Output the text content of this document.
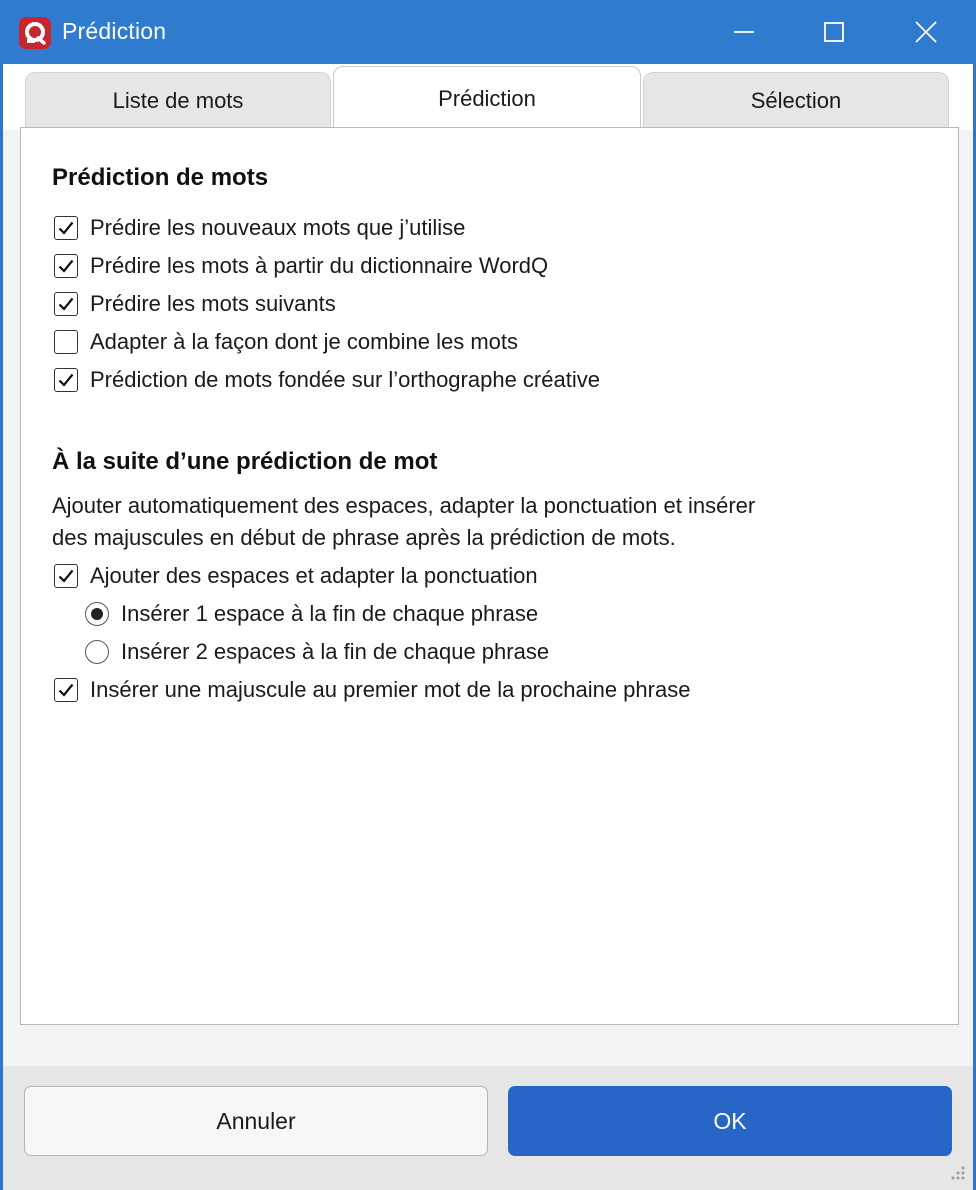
Prédiction
Liste de mots	Prédiction	Sélection
Prédiction de mots
Prédire les nouveaux mots que j’utilise
Prédire les mots à partir du dictionnaire WordQ
Prédire les mots suivants
Adapter à la façon dont je combine les mots
Prédiction de mots fondée sur l’orthographe créative
À la suite d’une prédiction de mot
Ajouter automatiquement des espaces, adapter la ponctuation et insérer
des majuscules en début de phrase après la prédiction de mots.
Ajouter des espaces et adapter la ponctuation
Insérer 1 espace à la fin de chaque phrase
Insérer 2 espaces à la fin de chaque phrase
Insérer une majuscule au premier mot de la prochaine phrase
Annuler	OK
